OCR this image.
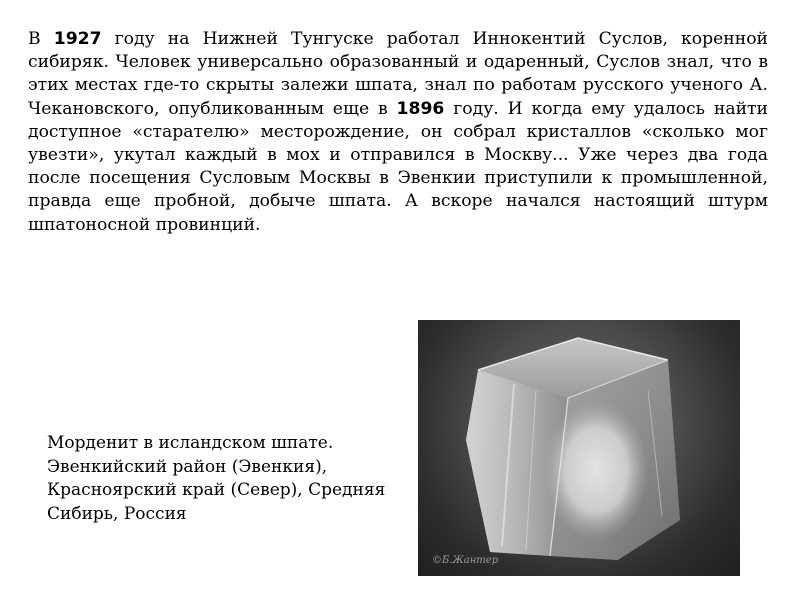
В 1927 году на Нижней Тунгуске работал Иннокентий Суслов, коренной сибиряк. Человек универсально образованный и одаренный, Суслов знал, что в этих местах где-то скрыты залежи шпата, знал по работам русского ученого А. Чекановского, опубликованным еще в 1896 году. И когда ему удалось найти доступное «старателю» месторождение, он собрал кристаллов «сколько мог увезти», укутал каждый в мох и отправился в Москву... Уже через два года после посещения Сусловым Москвы в Эвенкии приступили к промышленной, правда еще пробной, добыче шпата. А вскоре начался настоящий штурм шпатоносной провинций.

©Б.Жантер

Морденит в исландском шпате.
Эвенкийский район (Эвенкия),
Красноярский край (Север), Средняя
Сибирь, Россия
